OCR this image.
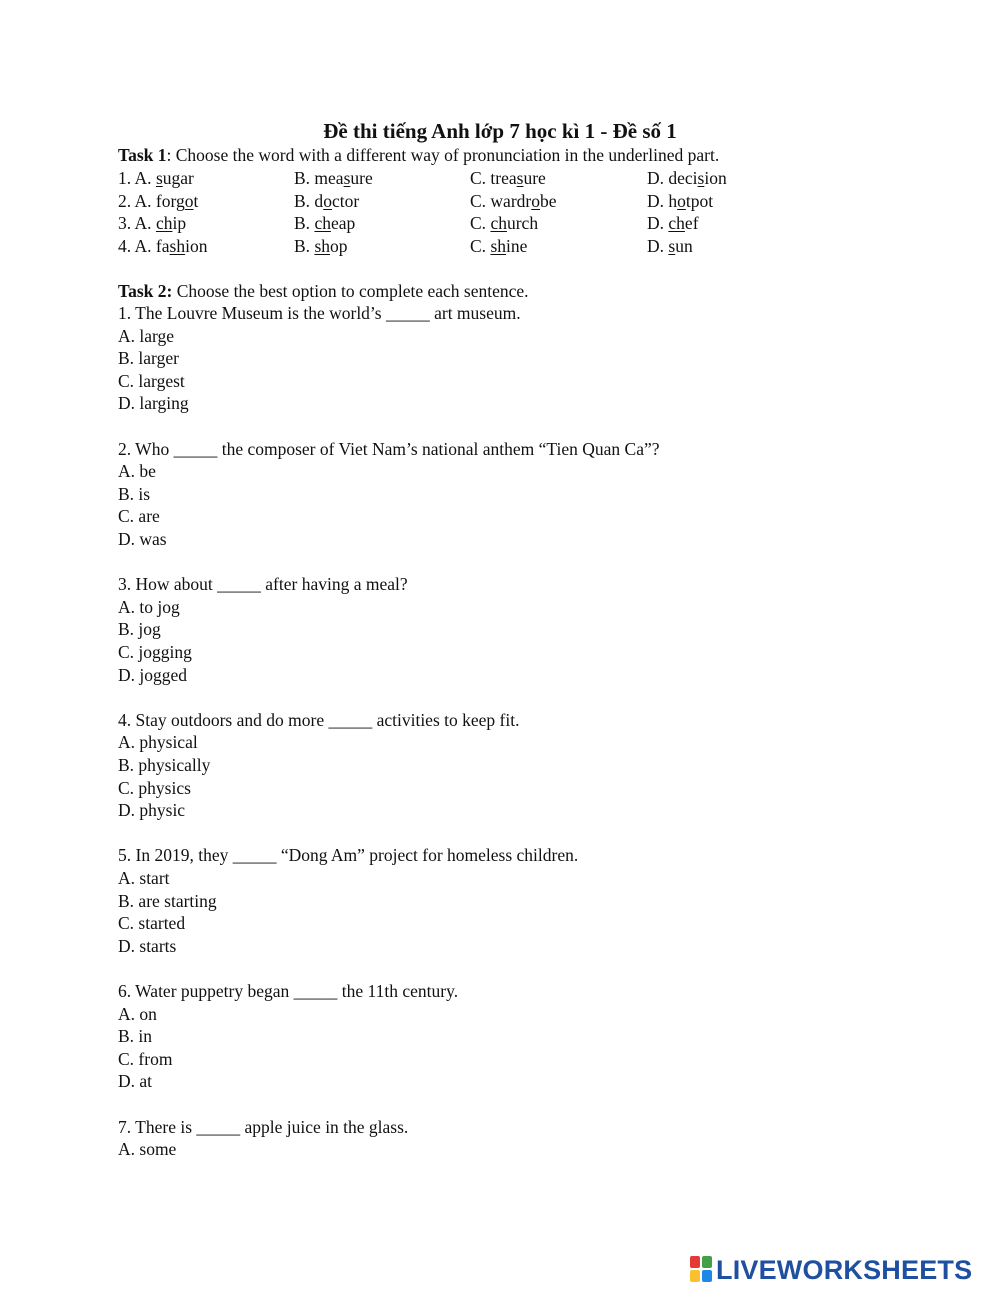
Đề thi tiếng Anh lớp 7 học kì 1 - Đề số 1
Task 1: Choose the word with a different way of pronunciation in the underlined part.
1. A. sugar	B. measure	C. treasure	D. decision
2. A. forgot	B. doctor	C. wardrobe	D. hotpot
3. A. chip	B. cheap	C. church	D. chef
4. A. fashion	B. shop	C. shine	D. sun
Task 2: Choose the best option to complete each sentence.
1. The Louvre Museum is the world’s _____ art museum.
A. large
B. larger
C. largest
D. larging
2. Who _____ the composer of Viet Nam’s national anthem “Tien Quan Ca”?
A. be
B. is
C. are
D. was
3. How about _____ after having a meal?
A. to jog
B. jog
C. jogging
D. jogged
4. Stay outdoors and do more _____ activities to keep fit.
A. physical
B. physically
C. physics
D. physic
5. In 2019, they _____ “Dong Am” project for homeless children.
A. start
B. are starting
C. started
D. starts
6. Water puppetry began _____ the 11th century.
A. on
B. in
C. from
D. at
7. There is _____ apple juice in the glass.
A. some
LIVEWORKSHEETS
